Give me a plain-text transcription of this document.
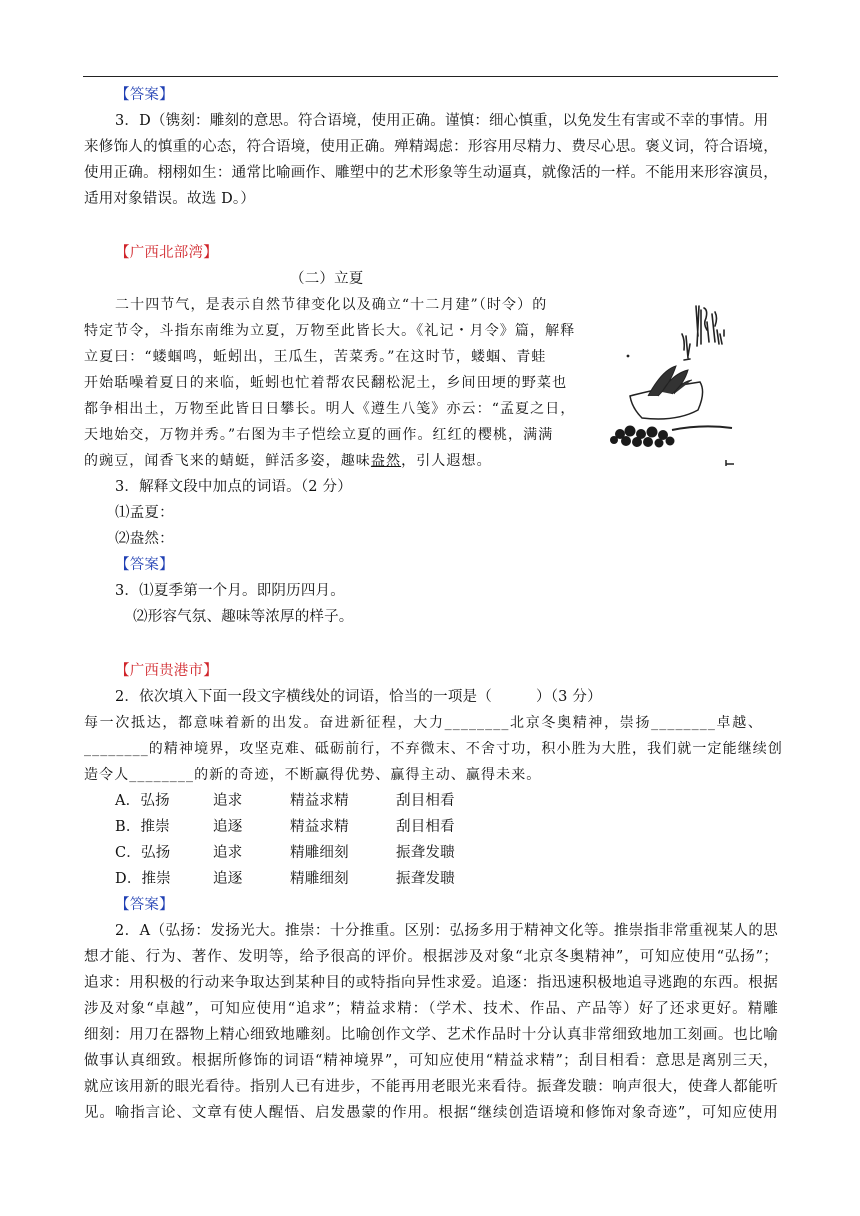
【答案】
3．D（镌刻：雕刻的意思。符合语境，使用正确。谨慎：细心慎重，以免发生有害或不幸的事情。用
来修饰人的慎重的心态，符合语境，使用正确。殚精竭虑：形容用尽精力、费尽心思。褒义词，符合语境，
使用正确。栩栩如生：通常比喻画作、雕塑中的艺术形象等生动逼真，就像活的一样。不能用来形容演员，
适用对象错误。故选 D。）
【广西北部湾】
（二）立夏
二十四节气，是表示自然节律变化以及确立“十二月建”（时令）的
特定节令，斗指东南维为立夏，万物至此皆长大。《礼记・月令》篇，解释
立夏曰：“蝼蝈鸣，蚯蚓出，王瓜生，苦菜秀。”在这时节，蝼蝈、青蛙
开始聒噪着夏日的来临，蚯蚓也忙着帮农民翻松泥土，乡间田埂的野菜也
都争相出土，万物至此皆日日攀长。明人《遵生八笺》亦云：“孟夏之日，
天地始交，万物并秀。”右图为丰子恺绘立夏的画作。红红的樱桃，满满
的豌豆，闻香飞来的蜻蜓，鲜活多姿，趣味盎然，引人遐想。
3．解释文段中加点的词语。（2 分）
⑴孟夏：
⑵盎然：
【答案】
3．⑴夏季第一个月。即阴历四月。
⑵形容气氛、趣味等浓厚的样子。
【广西贵港市】
2．依次填入下面一段文字横线处的词语，恰当的一项是（　　　）（3 分）
每一次抵达，都意味着新的出发。奋进新征程，大力________北京冬奥精神，崇扬________卓越、
________的精神境界，攻坚克难、砥砺前行，不弃微末、不舍寸功，积小胜为大胜，我们就一定能继续创
造令人________的新的奇迹，不断赢得优势、赢得主动、赢得未来。
A．弘扬	追求	精益求精	刮目相看
B．推崇	追逐	精益求精	刮目相看
C．弘扬	追求	精雕细刻	振聋发聩
D．推崇	追逐	精雕细刻	振聋发聩
【答案】
2．A（弘扬：发扬光大。推崇：十分推重。区别：弘扬多用于精神文化等。推崇指非常重视某人的思
想才能、行为、著作、发明等，给予很高的评价。根据涉及对象“北京冬奥精神”，可知应使用“弘扬”；
追求：用积极的行动来争取达到某种目的或特指向异性求爱。追逐：指迅速积极地追寻逃跑的东西。根据
涉及对象“卓越”，可知应使用“追求”；精益求精：（学术、技术、作品、产品等）好了还求更好。精雕
细刻：用刀在器物上精心细致地雕刻。比喻创作文学、艺术作品时十分认真非常细致地加工刻画。也比喻
做事认真细致。根据所修饰的词语“精神境界”，可知应使用“精益求精”；刮目相看：意思是离别三天，
就应该用新的眼光看待。指别人已有进步，不能再用老眼光来看待。振聋发聩：响声很大，使聋人都能听
见。喻指言论、文章有使人醒悟、启发愚蒙的作用。根据“继续创造语境和修饰对象奇迹”，可知应使用
